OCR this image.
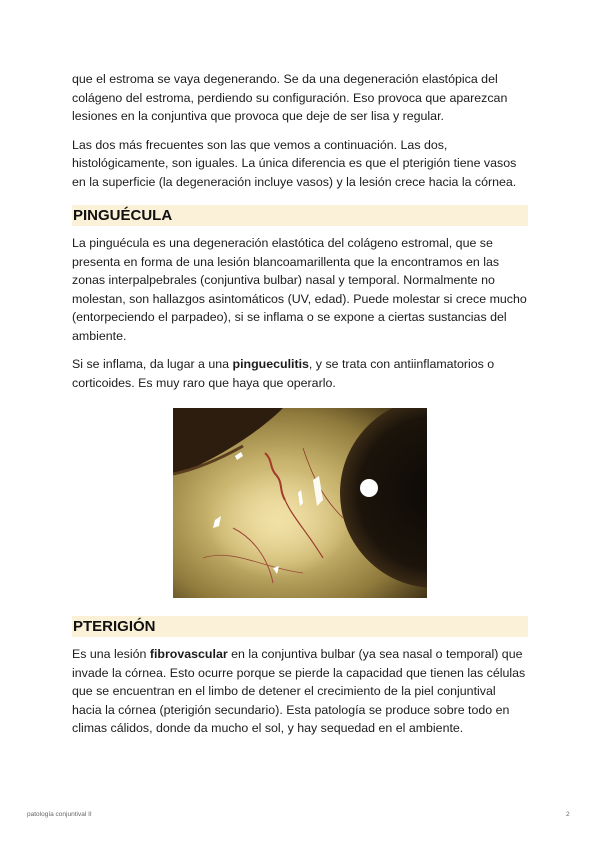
que el estroma se vaya degenerando. Se da una degeneración elastópica del colágeno del estroma, perdiendo su configuración. Eso provoca que aparezcan lesiones en la conjuntiva que provoca que deje de ser lisa y regular.

Las dos más frecuentes son las que vemos a continuación. Las dos, histológicamente, son iguales. La única diferencia es que el pterigión tiene vasos en la superficie (la degeneración incluye vasos) y la lesión crece hacia la córnea.

PINGUÉCULA

La pinguécula es una degeneración elastótica del colágeno estromal, que se presenta en forma de una lesión blancoamarillenta que la encontramos en las zonas interpalpebrales (conjuntiva bulbar) nasal y temporal. Normalmente no molestan, son hallazgos asintomáticos (UV, edad). Puede molestar si crece mucho (entorpeciendo el parpadeo), si se inflama o se expone a ciertas sustancias del ambiente.

Si se inflama, da lugar a una pingueculitis, y se trata con antiinflamatorios o corticoides. Es muy raro que haya que operarlo.

PTERIGIÓN

Es una lesión fibrovascular en la conjuntiva bulbar (ya sea nasal o temporal) que invade la córnea. Esto ocurre porque se pierde la capacidad que tienen las células que se encuentran en el limbo de detener el crecimiento de la piel conjuntival hacia la córnea (pterigión secundario). Esta patología se produce sobre todo en climas cálidos, donde da mucho el sol, y hay sequedad en el ambiente.

patología conjuntival II	2
